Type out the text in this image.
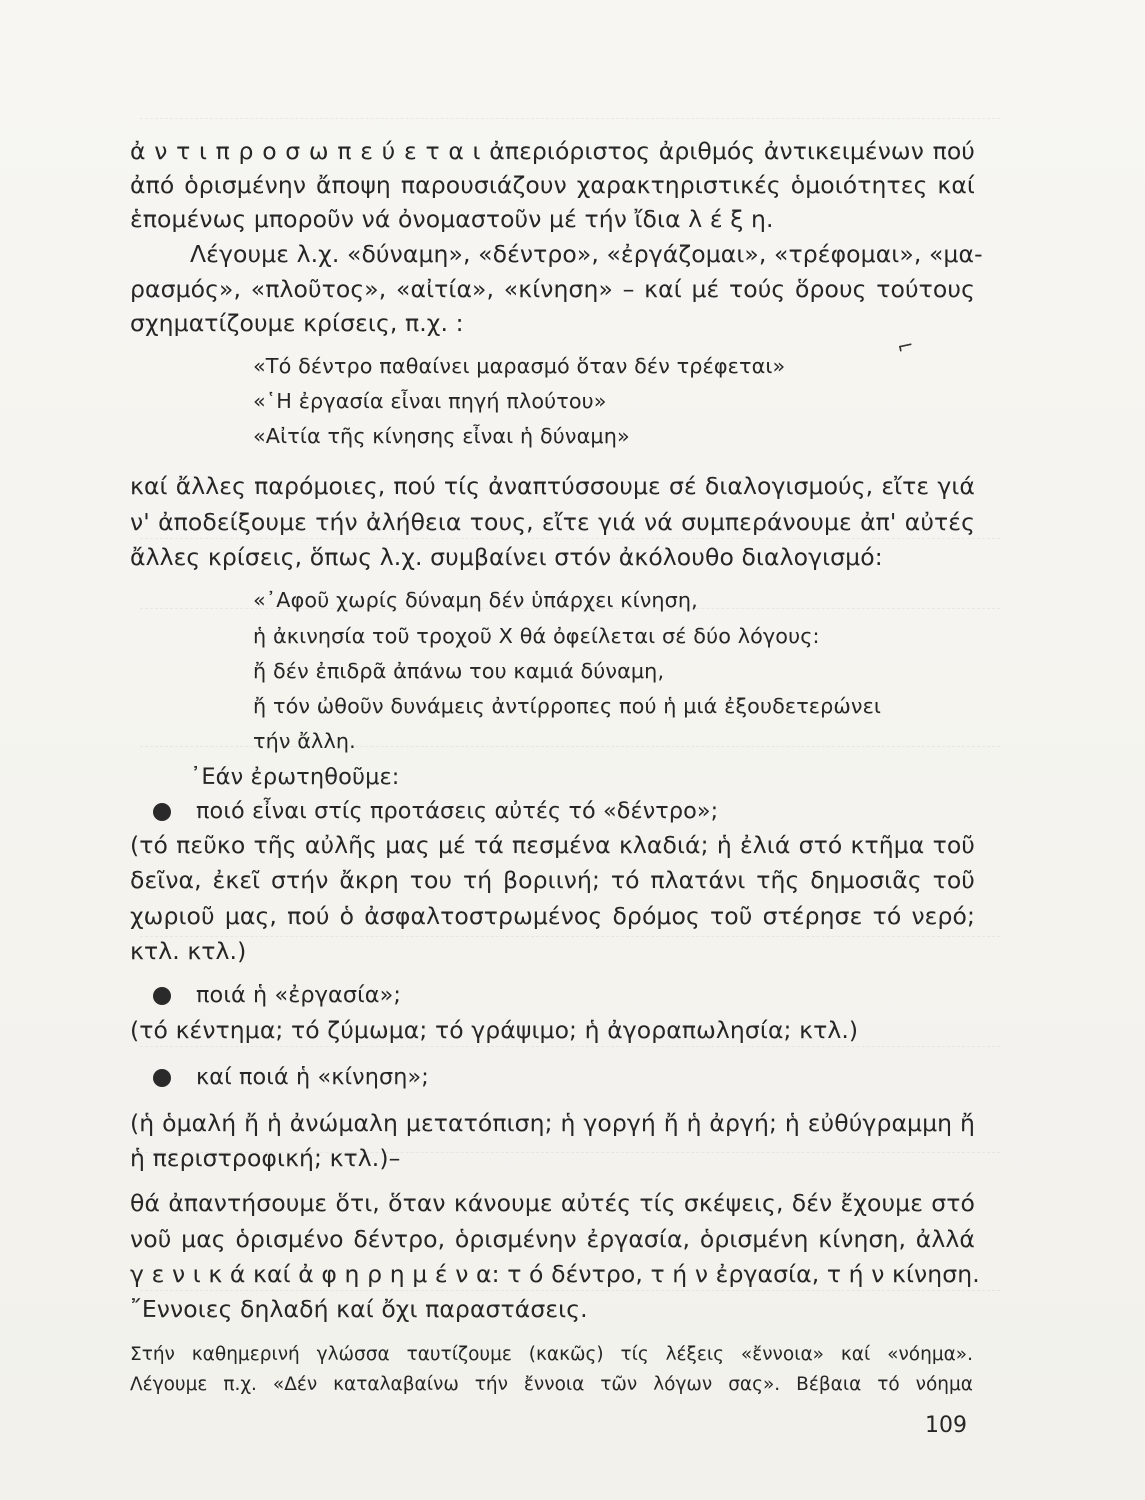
ἀ ν τ ι π ρ ο σ ω π ε ύ ε τ α ι ἀπεριόριστος ἀριθμός ἀντικειμένων πού
ἀπό ὁρισμένην ἄποψη παρουσιάζουν χαρακτηριστικές ὁμοιότητες καί
ἑπομένως μποροῦν νά ὀνομαστοῦν μέ τήν ἴδια λ έ ξ η.
Λέγουμε λ.χ. «δύναμη», «δέντρο», «ἐργάζομαι», «τρέφομαι», «μα-
ρασμός», «πλοῦτος», «αἰτία», «κίνηση» – καί μέ τούς ὅρους τούτους
σχηματίζουμε κρίσεις, π.χ. :
⌐
«Τό δέντρο παθαίνει μαρασμό ὅταν δέν τρέφεται»
«῾Η ἐργασία εἶναι πηγή πλούτου»
«Αἰτία τῆς κίνησης εἶναι ἡ δύναμη»
καί ἄλλες παρόμοιες, πού τίς ἀναπτύσσουμε σέ διαλογισμούς, εἴτε γιά
ν' ἀποδείξουμε τήν ἀλήθεια τους, εἴτε γιά νά συμπεράνουμε ἀπ' αὐτές
ἄλλες κρίσεις, ὅπως λ.χ. συμβαίνει στόν ἀκόλουθο διαλογισμό:
«᾿Αφοῦ χωρίς δύναμη δέν ὑπάρχει κίνηση,
ἡ ἀκινησία τοῦ τροχοῦ Χ θά ὀφείλεται σέ δύο λόγους:
ἤ δέν ἐπιδρᾶ ἀπάνω του καμιά δύναμη,
ἤ τόν ὠθοῦν δυνάμεις ἀντίρροπες πού ἡ μιά ἐξουδετερώνει
τήν ἄλλη.
᾿Εάν ἐρωτηθοῦμε:
ποιό εἶναι στίς προτάσεις αὐτές τό «δέντρο»;
(τό πεῦκο τῆς αὐλῆς μας μέ τά πεσμένα κλαδιά; ἡ ἐλιά στό κτῆμα τοῦ
δεῖνα, ἐκεῖ στήν ἄκρη του τή βοριινή; τό πλατάνι τῆς δημοσιᾶς τοῦ
χωριοῦ μας, πού ὁ ἀσφαλτοστρωμένος δρόμος τοῦ στέρησε τό νερό;
κτλ. κτλ.)
ποιά ἡ «ἐργασία»;
(τό κέντημα; τό ζύμωμα; τό γράψιμο; ἡ ἀγοραπωλησία; κτλ.)
καί ποιά ἡ «κίνηση»;
(ἡ ὁμαλή ἤ ἡ ἀνώμαλη μετατόπιση; ἡ γοργή ἤ ἡ ἀργή; ἡ εὐθύγραμμη ἤ
ἡ περιστροφική; κτλ.)–
θά ἀπαντήσουμε ὅτι, ὅταν κάνουμε αὐτές τίς σκέψεις, δέν ἔχουμε στό
νοῦ μας ὁρισμένο δέντρο, ὁρισμένην ἐργασία, ὁρισμένη κίνηση, ἀλλά
γ ε ν ι κ ά καί ἀ φ η ρ η μ έ ν α: τ ό δέντρο, τ ή ν ἐργασία, τ ή ν κίνηση.
῎Εννοιες δηλαδή καί ὄχι παραστάσεις.
Στήν καθημερινή γλώσσα ταυτίζουμε (κακῶς) τίς λέξεις «ἔννοια» καί «νόημα».
Λέγουμε π.χ. «Δέν καταλαβαίνω τήν ἔννοια τῶν λόγων σας». Βέβαια τό νόημα
109
